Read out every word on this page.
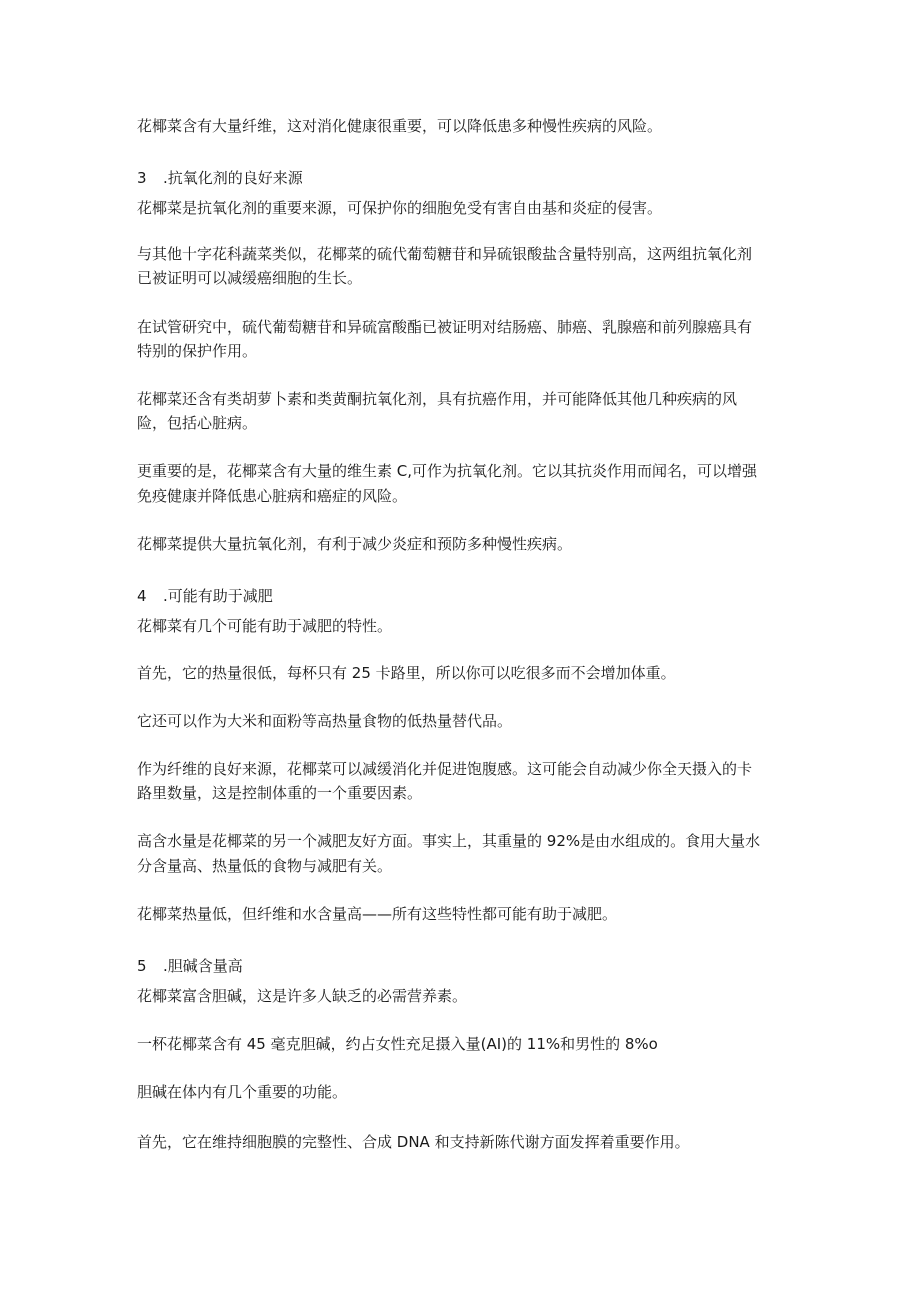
花椰菜含有大量纤维，这对消化健康很重要，可以降低患多种慢性疾病的风险。
3 .抗氧化剂的良好来源
花椰菜是抗氧化剂的重要来源，可保护你的细胞免受有害自由基和炎症的侵害。
与其他十字花科蔬菜类似，花椰菜的硫代葡萄糖苷和异硫银酸盐含量特别高，这两组抗氧化剂
已被证明可以减缓癌细胞的生长。
在试管研究中，硫代葡萄糖苷和异硫富酸酯已被证明对结肠癌、肺癌、乳腺癌和前列腺癌具有
特别的保护作用。
花椰菜还含有类胡萝卜素和类黄酮抗氧化剂，具有抗癌作用，并可能降低其他几种疾病的风
险，包括心脏病。
更重要的是，花椰菜含有大量的维生素 C,可作为抗氧化剂。它以其抗炎作用而闻名，可以增强
免疫健康并降低患心脏病和癌症的风险。
花椰菜提供大量抗氧化剂，有利于减少炎症和预防多种慢性疾病。
4 .可能有助于减肥
花椰菜有几个可能有助于减肥的特性。
首先，它的热量很低，每杯只有 25 卡路里，所以你可以吃很多而不会增加体重。
它还可以作为大米和面粉等高热量食物的低热量替代品。
作为纤维的良好来源，花椰菜可以减缓消化并促进饱腹感。这可能会自动减少你全天摄入的卡
路里数量，这是控制体重的一个重要因素。
高含水量是花椰菜的另一个减肥友好方面。事实上，其重量的 92%是由水组成的。食用大量水
分含量高、热量低的食物与减肥有关。
花椰菜热量低，但纤维和水含量高——所有这些特性都可能有助于减肥。
5 .胆碱含量高
花椰菜富含胆碱，这是许多人缺乏的必需营养素。
一杯花椰菜含有 45 毫克胆碱，约占女性充足摄入量(AI)的 11%和男性的 8%o
胆碱在体内有几个重要的功能。
首先，它在维持细胞膜的完整性、合成 DNA 和支持新陈代谢方面发挥着重要作用。
